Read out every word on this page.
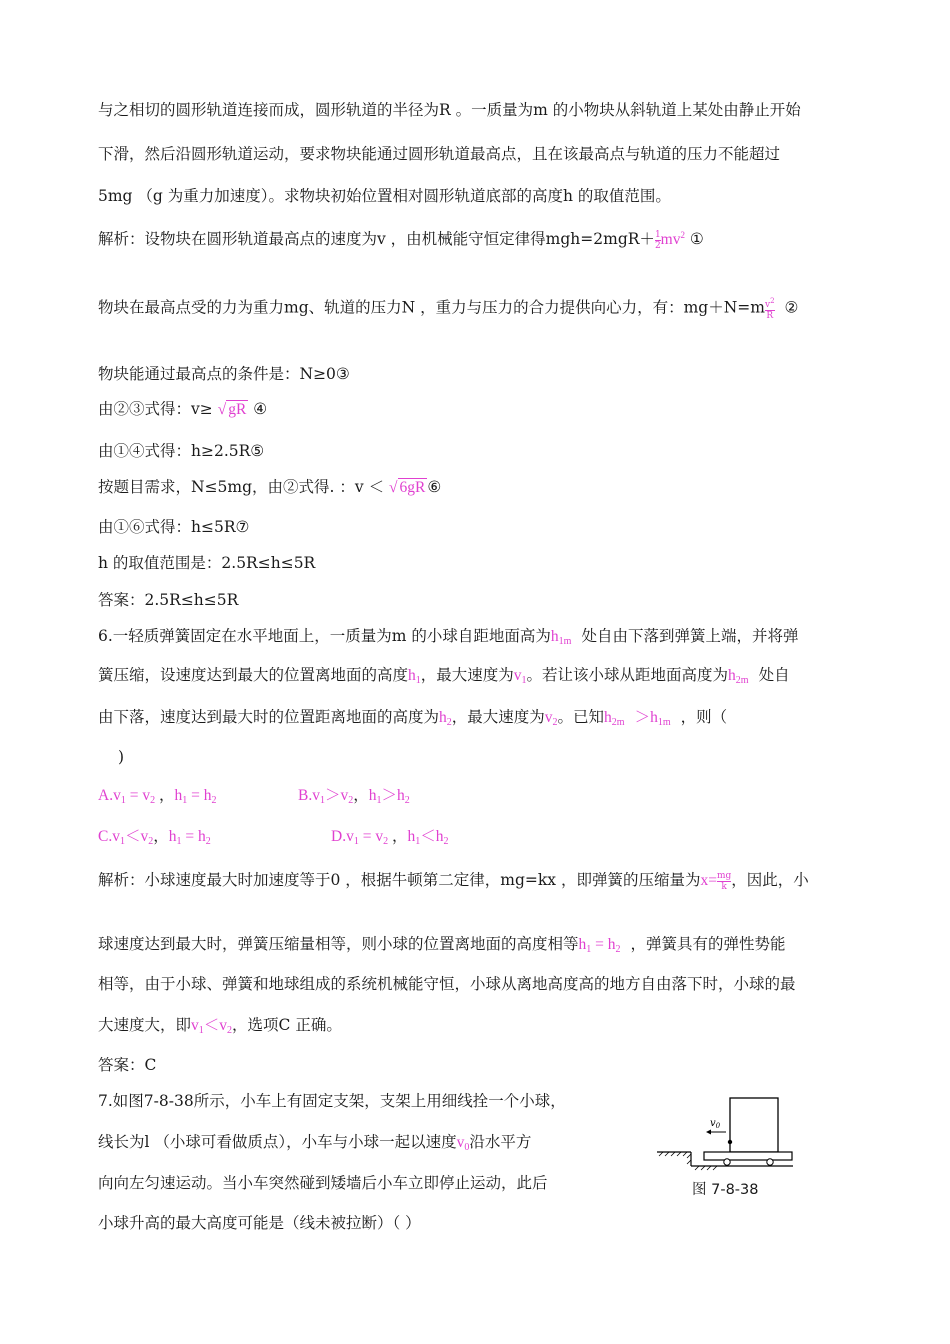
与之相切的圆形轨道连接而成，圆形轨道的半径为R 。一质量为m 的小物块从斜轨道上某处由静止开始
下滑，然后沿圆形轨道运动，要求物块能通过圆形轨道最高点，且在该最高点与轨道的压力不能超过
5mg （g 为重力加速度）。求物块初始位置相对圆形轨道底部的高度h 的取值范围。
解析：设物块在圆形轨道最高点的速度为v ，由机械能守恒定律得$mgh=2mgR+ \frac{1}{2} mv^2$ ①
物块在最高点受的力为重力mg、轨道的压力N ，重力与压力的合力提供向心力，有：$mg+N=m \frac{v^2}{R}$ ②
物块能通过最高点的条件是：N≥0③
由②③式得：v≥ √ gR ④
由①④式得：h≥2.5R⑤
按题目需求，N≤5mg，由②式得. ：v ＜ √ 6gR ⑥
由①⑥式得：h≤5R⑦
h 的取值范围是：2.5R≤h≤5R
答案：2.5R≤h≤5R
6.一轻质弹簧固定在水平地面上，一质量为m 的小球自距地面高为$h_{1m}$ 处自由下落到弹簧上端，并将弹
簧压缩，设速度达到最大的位置离地面的高度$h_1$，最大速度为$v_1$。若让该小球从距地面高度为$h_{2m}$ 处自
由下落，速度达到最大时的位置距离地面的高度为$h_2$，最大速度为$v_2$。已知$h_{2m} >h_{1m}$ ，则（
)
$A.v_1 = v_2$ ，$h_1 = h_2$	$B.v_1>v_2$，$h_1>h_2$
$C.v_1<v_2$，$h_1 = h_2$	$D.v_1 = v_2$ ，$h_1<h_2$
解析：小球速度最大时加速度等于0 ，根据牛顿第二定律，mg=kx ，即弹簧的压缩量为$x= \frac{mg}{k}$ ，因此，小
球速度达到最大时，弹簧压缩量相等，则小球的位置离地面的高度相等$h_1 = h_2$ ，弹簧具有的弹性势能
相等，由于小球、弹簧和地球组成的系统机械能守恒，小球从离地高度高的地方自由落下时，小球的最
大速度大，即$v_1<v_2$，选项C 正确。
答案：C
7.如图7-8-38所示，小车上有固定支架，支架上用细线拴一个小球，
线长为l （小球可看做质点），小车与小球一起以速度$v_0$沿水平方
向向左匀速运动。当小车突然碰到矮墙后小车立即停止运动，此后
小球升高的最大高度可能是（线未被拉断）（ ）
$v_0$
图 7-8-38
